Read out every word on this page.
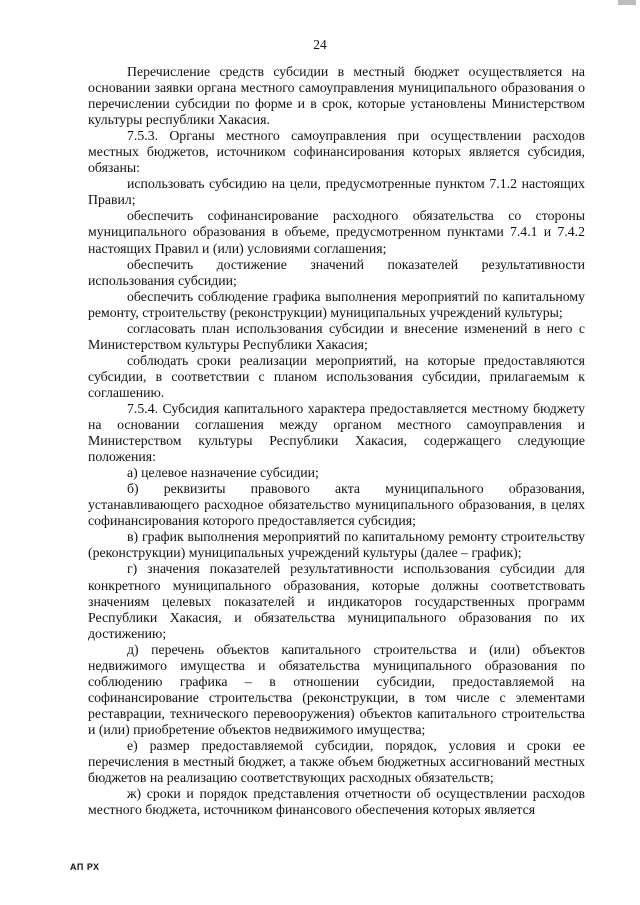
24

Перечисление средств субсидии в местный бюджет осуществляется на основании заявки органа местного самоуправления муниципального образования о перечислении субсидии по форме и в срок, которые установлены Министерством культуры республики Хакасия.

7.5.3. Органы местного самоуправления при осуществлении расходов местных бюджетов, источником софинансирования которых является субсидия, обязаны:

использовать субсидию на цели, предусмотренные пунктом 7.1.2 настоящих Правил;

обеспечить софинансирование расходного обязательства со стороны муниципального образования в объеме, предусмотренном пунктами 7.4.1 и 7.4.2 настоящих Правил и (или) условиями соглашения;

обеспечить достижение значений показателей результативности использования субсидии;

обеспечить соблюдение графика выполнения мероприятий по капитальному ремонту, строительству (реконструкции) муниципальных учреждений культуры;

согласовать план использования субсидии и внесение изменений в него с Министерством культуры Республики Хакасия;

соблюдать сроки реализации мероприятий, на которые предоставляются субсидии, в соответствии с планом использования субсидии, прилагаемым к соглашению.

7.5.4. Субсидия капитального характера предоставляется местному бюджету на основании соглашения между органом местного самоуправления и Министерством культуры Республики Хакасия, содержащего следующие положения:

а) целевое назначение субсидии;

б) реквизиты правового акта муниципального образования, устанавливающего расходное обязательство муниципального образования, в целях софинансирования которого предоставляется субсидия;

в) график выполнения мероприятий по капитальному ремонту строительству (реконструкции) муниципальных учреждений культуры (далее – график);

г) значения показателей результативности использования субсидии для конкретного муниципального образования, которые должны соответствовать значениям целевых показателей и индикаторов государственных программ Республики Хакасия, и обязательства муниципального образования по их достижению;

д) перечень объектов капитального строительства и (или) объектов недвижимого имущества и обязательства муниципального образования по соблюдению графика – в отношении субсидии, предоставляемой на софинансирование строительства (реконструкции, в том числе с элементами реставрации, технического перевооружения) объектов капитального строительства и (или) приобретение объектов недвижимого имущества;

е) размер предоставляемой субсидии, порядок, условия и сроки ее перечисления в местный бюджет, а также объем бюджетных ассигнований местных бюджетов на реализацию соответствующих расходных обязательств;

ж) сроки и порядок представления отчетности об осуществлении расходов местного бюджета, источником финансового обеспечения которых является

АП РХ
